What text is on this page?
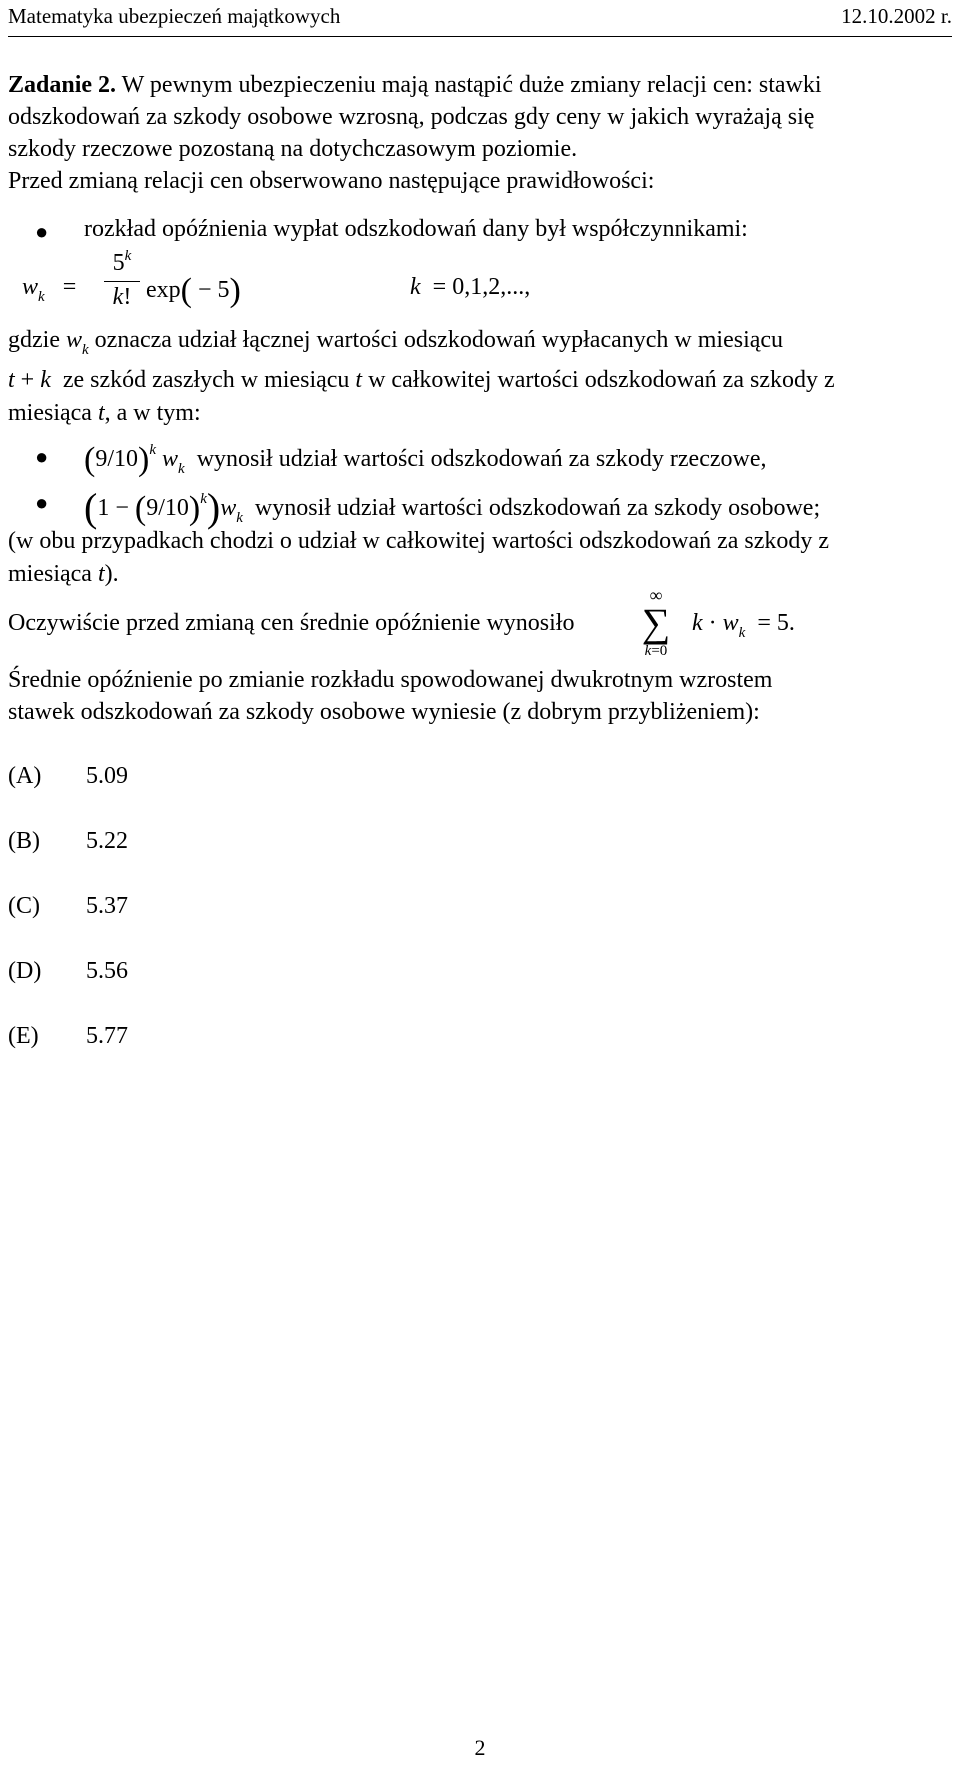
Matematyka ubezpieczeń majątkowych	12.10.2002 r.
Zadanie 2. W pewnym ubezpieczeniu mają nastąpić duże zmiany relacji cen: stawki
odszkodowań za szkody osobowe wzrosną, podczas gdy ceny w jakich wyrażają się
szkody rzeczowe pozostaną na dotychczasowym poziomie.
Przed zmianą relacji cen obserwowano następujące prawidłowości:
● rozkład opóźnienia wypłat odszkodowań dany był współczynnikami:
$w_k$   =
$5^k$
k! exp( − 5)	k  = 0,1,2,...,
gdzie $w_k$ oznacza udział łącznej wartości odszkodowań wypłacanych w miesiącu
t + k  ze szkód zaszłych w miesiącu t w całkowitej wartości odszkodowań za szkody z
miesiąca t, a w tym:
● $(9/10)^k$ $w_k$ wynosił udział wartości odszkodowań za szkody rzeczowe,
● $(1 - (9/10)^k)w_k$ wynosił udział wartości odszkodowań za szkody osobowe;
(w obu przypadkach chodzi o udział w całkowitej wartości odszkodowań za szkody z
miesiąca t).
Oczywiście przed zmianą cen średnie opóźnienie wynosiło
∞
∑
k=0
$k \cdot w_k = 5$.
Średnie opóźnienie po zmianie rozkładu spowodowanej dwukrotnym wzrostem
stawek odszkodowań za szkody osobowe wyniesie (z dobrym przybliżeniem):
(A) 5.09
(B) 5.22
(C) 5.37
(D) 5.56
(E) 5.77
2
